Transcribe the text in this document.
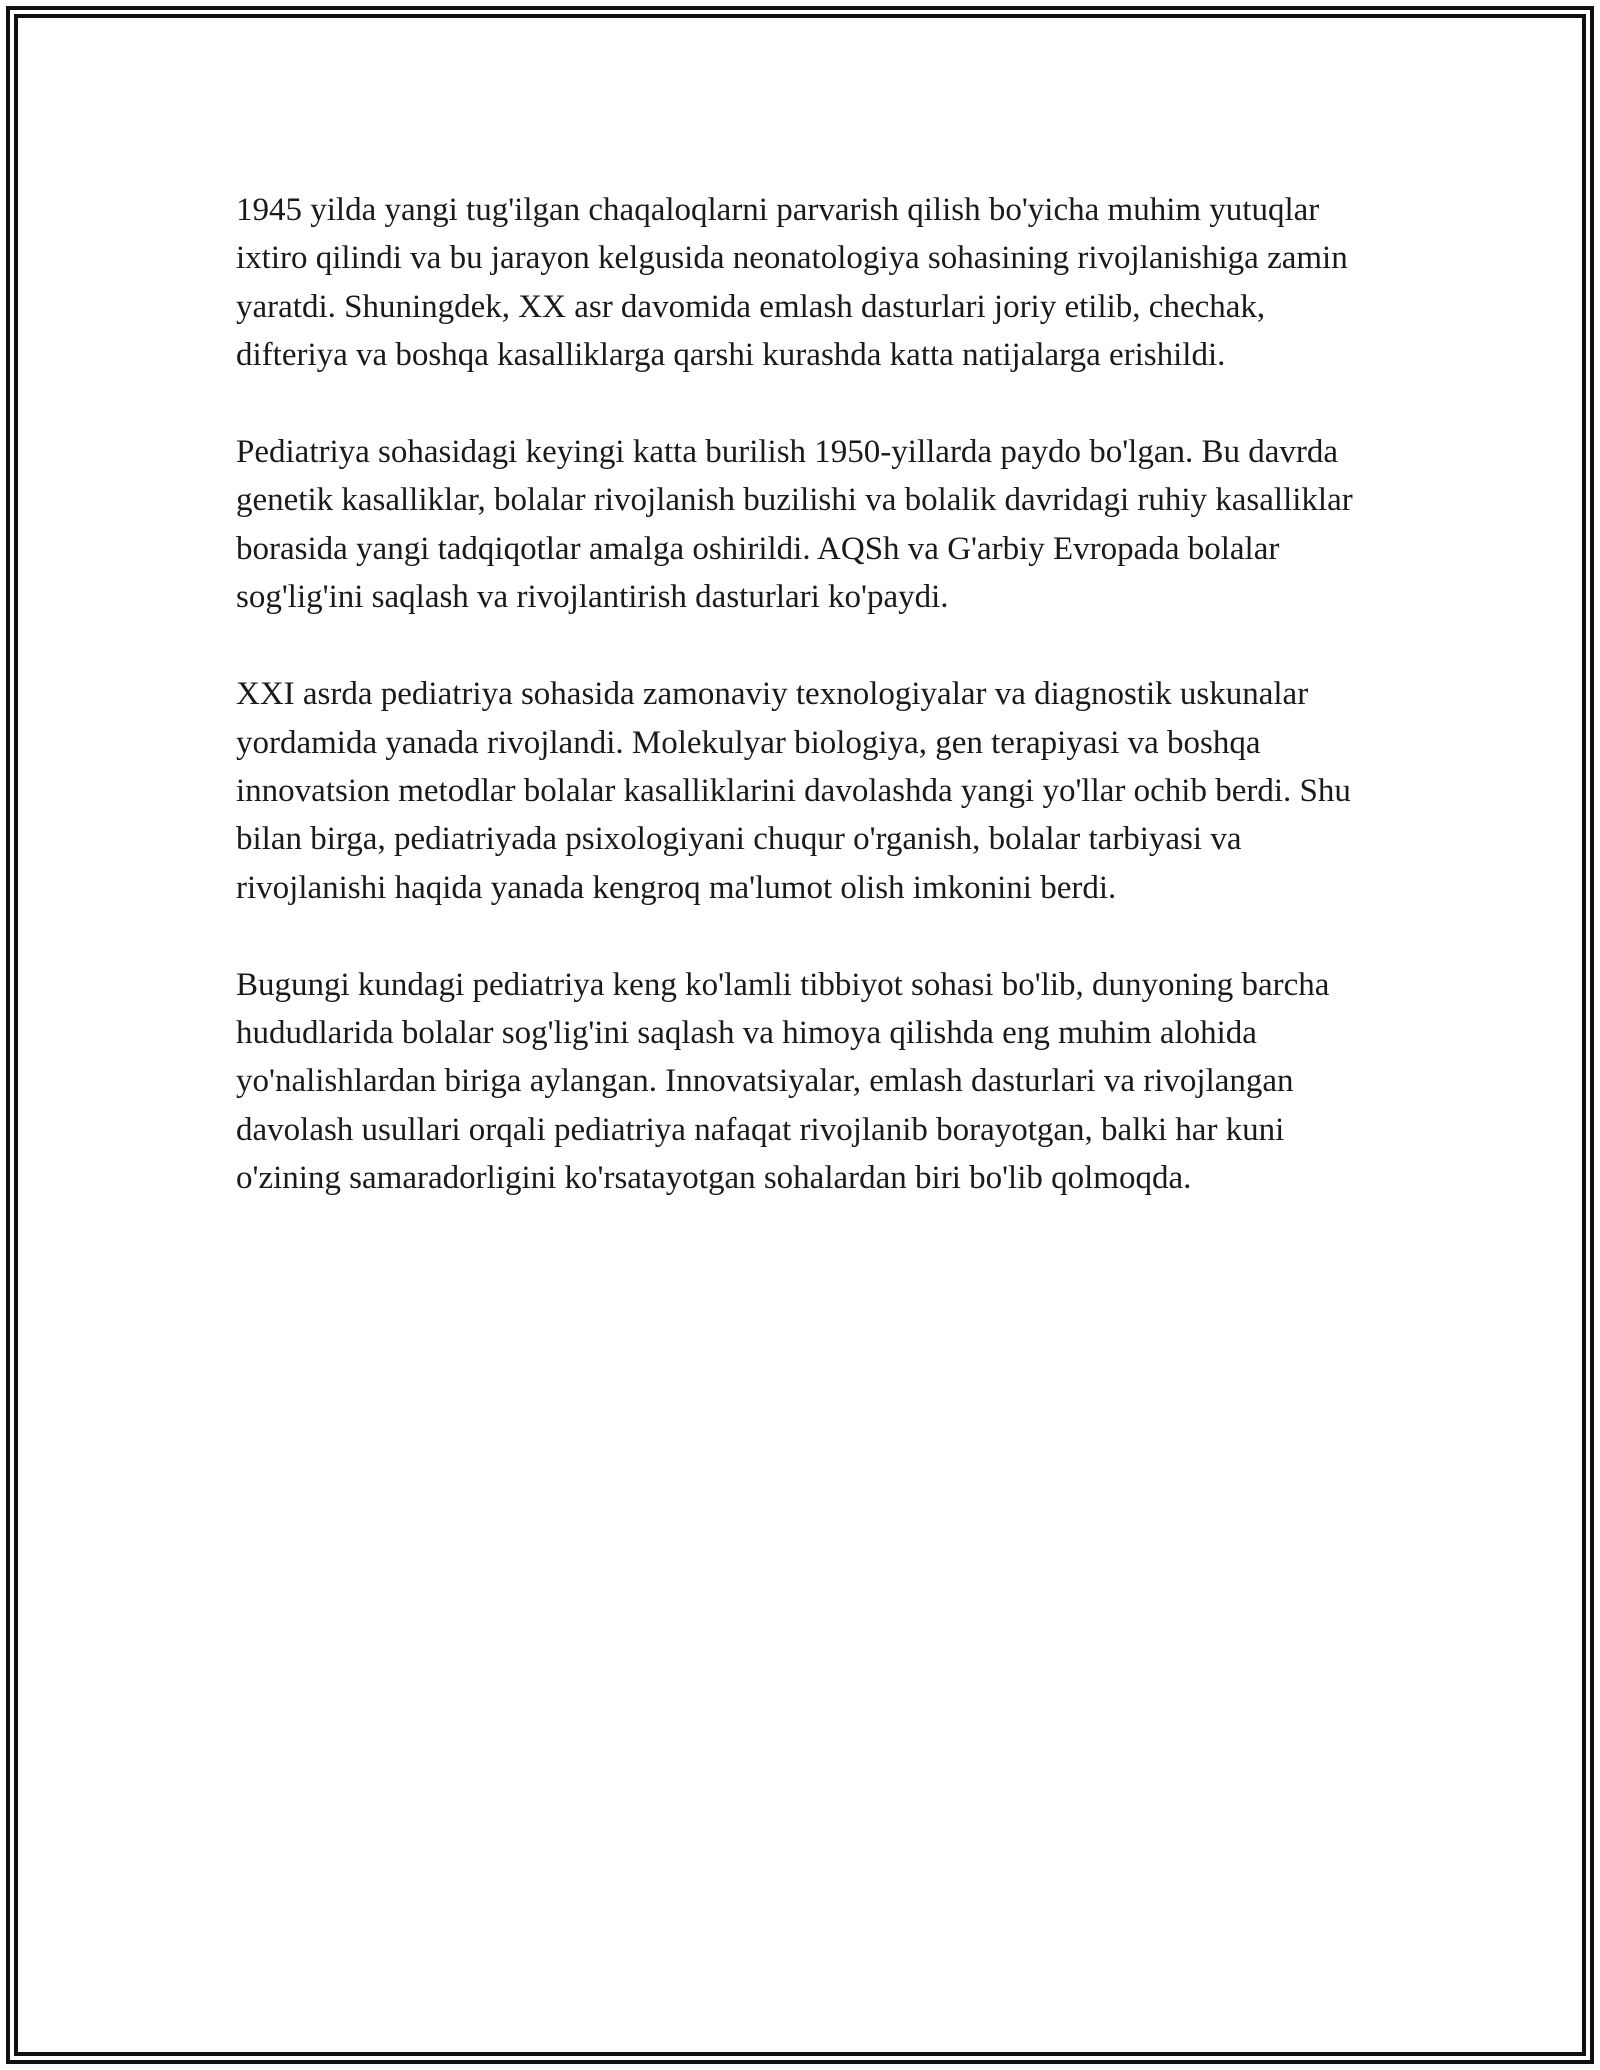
1945 yilda yangi tug'ilgan chaqaloqlarni parvarish qilish bo'yicha muhim yutuqlar ixtiro qilindi va bu jarayon kelgusida neonatologiya sohasining rivojlanishiga zamin yaratdi. Shuningdek, XX asr davomida emlash dasturlari joriy etilib, chechak, difteriya va boshqa kasalliklarga qarshi kurashda katta natijalarga erishildi.

Pediatriya sohasidagi keyingi katta burilish 1950-yillarda paydo bo'lgan. Bu davrda genetik kasalliklar, bolalar rivojlanish buzilishi va bolalik davridagi ruhiy kasalliklar borasida yangi tadqiqotlar amalga oshirildi. AQSh va G'arbiy Evropada bolalar sog'lig'ini saqlash va rivojlantirish dasturlari ko'paydi.

XXI asrda pediatriya sohasida zamonaviy texnologiyalar va diagnostik uskunalar yordamida yanada rivojlandi. Molekulyar biologiya, gen terapiyasi va boshqa innovatsion metodlar bolalar kasalliklarini davolashda yangi yo'llar ochib berdi. Shu bilan birga, pediatriyada psixologiyani chuqur o'rganish, bolalar tarbiyasi va rivojlanishi haqida yanada kengroq ma'lumot olish imkonini berdi.

Bugungi kundagi pediatriya keng ko'lamli tibbiyot sohasi bo'lib, dunyoning barcha hududlarida bolalar sog'lig'ini saqlash va himoya qilishda eng muhim alohida yo'nalishlardan biriga aylangan. Innovatsiyalar, emlash dasturlari va rivojlangan davolash usullari orqali pediatriya nafaqat rivojlanib borayotgan, balki har kuni o'zining samaradorligini ko'rsatayotgan sohalardan biri bo'lib qolmoqda.
